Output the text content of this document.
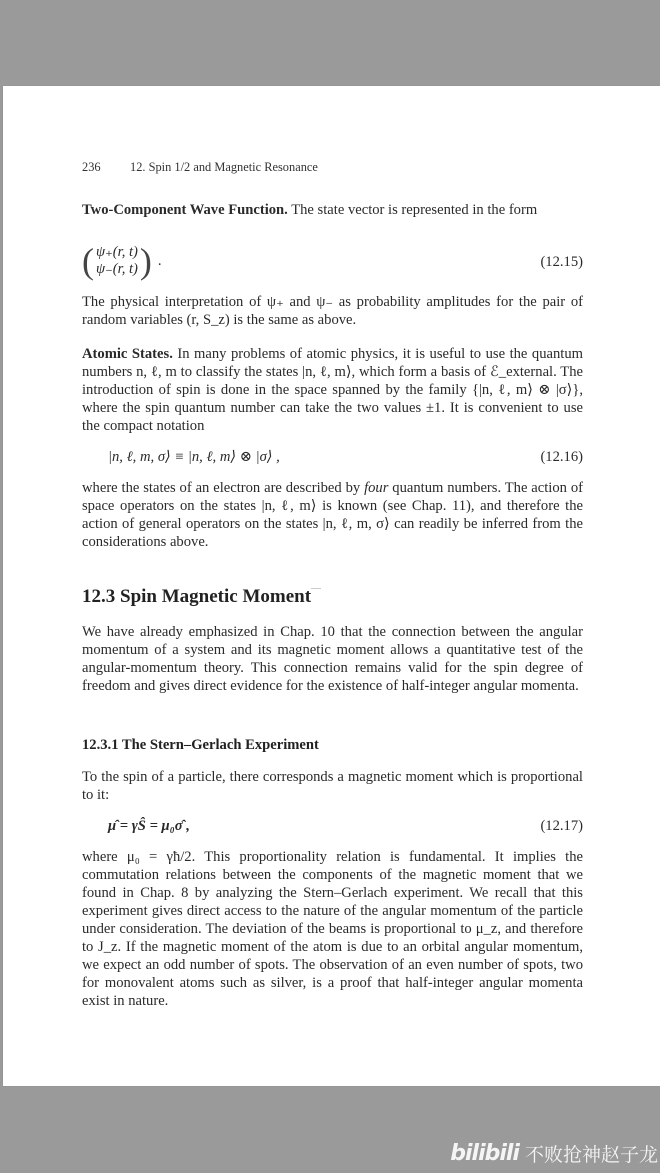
236 12. Spin 1/2 and Magnetic Resonance

Two-Component Wave Function. The state vector is represented in the form

( ψ₊(r, t)
ψ₋(r, t) ) .	(12.15)

The physical interpretation of ψ₊ and ψ₋ as probability amplitudes for the pair of random variables (r, S_z) is the same as above.

Atomic States. In many problems of atomic physics, it is useful to use the quantum numbers n, ℓ, m to classify the states |n, ℓ, m⟩, which form a basis of ℰ_external. The introduction of spin is done in the space spanned by the family {|n, ℓ, m⟩ ⊗ |σ⟩}, where the spin quantum number can take the two values ±1. It is convenient to use the compact notation

|n, ℓ, m, σ⟩ ≡ |n, ℓ, m⟩ ⊗ |σ⟩ ,	(12.16)

where the states of an electron are described by four quantum numbers. The action of space operators on the states |n, ℓ, m⟩ is known (see Chap. 11), and therefore the action of general operators on the states |n, ℓ, m, σ⟩ can readily be inferred from the considerations above.

12.3 Spin Magnetic Moment

We have already emphasized in Chap. 10 that the connection between the angular momentum of a system and its magnetic moment allows a quantitative test of the angular-momentum theory. This connection remains valid for the spin degree of freedom and gives direct evidence for the existence of half-integer angular momenta.

12.3.1 The Stern–Gerlach Experiment

To the spin of a particle, there corresponds a magnetic moment which is proportional to it:

μ̂ = γŜ = μ₀σ̂ ,	(12.17)

where μ₀ = γħ/2. This proportionality relation is fundamental. It implies the commutation relations between the components of the magnetic moment that we found in Chap. 8 by analyzing the Stern–Gerlach experiment. We recall that this experiment gives direct access to the nature of the angular momentum of the particle under consideration. The deviation of the beams is proportional to μ_z, and therefore to J_z. If the magnetic moment of the atom is due to an orbital angular momentum, we expect an odd number of spots. The observation of an even number of spots, two for monovalent atoms such as silver, is a proof that half-integer angular momenta exist in nature.

bilibili 不败抢神赵子龙
